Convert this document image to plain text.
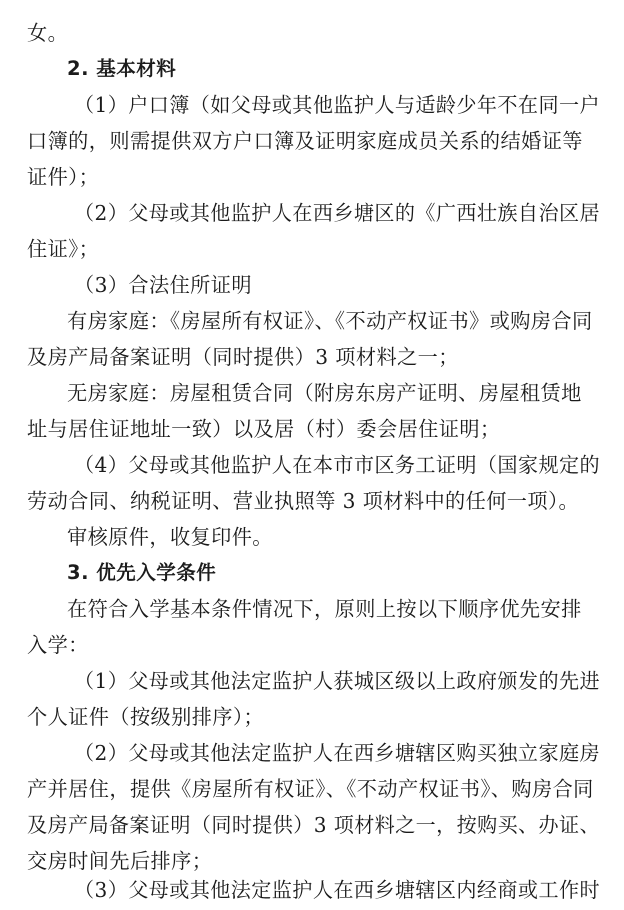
女。
2. 基本材料
（1）户口簿（如父母或其他监护人与适龄少年不在同一户
口簿的，则需提供双方户口簿及证明家庭成员关系的结婚证等
证件）；
（2）父母或其他监护人在西乡塘区的《广西壮族自治区居
住证》；
（3）合法住所证明
有房家庭：《房屋所有权证》、《不动产权证书》或购房合同
及房产局备案证明（同时提供）3 项材料之一；
无房家庭：房屋租赁合同（附房东房产证明、房屋租赁地
址与居住证地址一致）以及居（村）委会居住证明；
（4）父母或其他监护人在本市市区务工证明（国家规定的
劳动合同、纳税证明、营业执照等 3 项材料中的任何一项）。
审核原件，收复印件。
3. 优先入学条件
在符合入学基本条件情况下，原则上按以下顺序优先安排
入学：
（1）父母或其他法定监护人获城区级以上政府颁发的先进
个人证件（按级别排序）；
（2）父母或其他法定监护人在西乡塘辖区购买独立家庭房
产并居住，提供《房屋所有权证》、《不动产权证书》、购房合同
及房产局备案证明（同时提供）3 项材料之一，按购买、办证、
交房时间先后排序；
（3）父母或其他法定监护人在西乡塘辖区内经商或工作时
